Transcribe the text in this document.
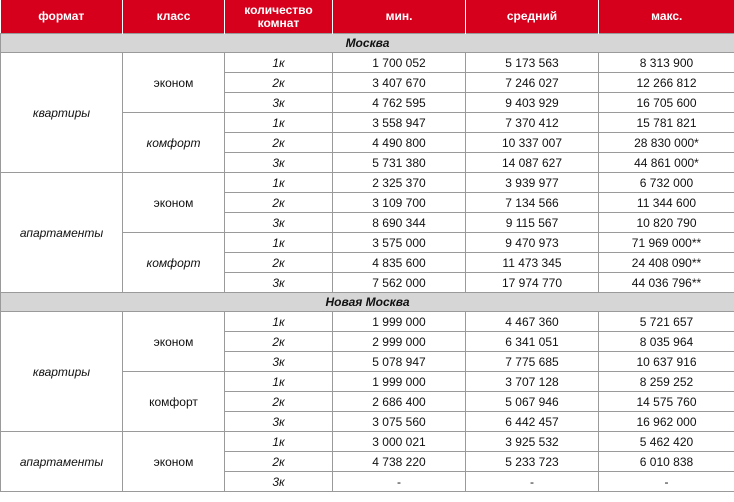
формат	класс	количество комнат	мин.	средний	макс.
Москва					
квартиры	эконом	1к	1 700 052	5 173 563	8 313 900
		2к	3 407 670	7 246 027	12 266 812
		3к	4 762 595	9 403 929	16 705 600
	комфорт	1к	3 558 947	7 370 412	15 781 821
		2к	4 490 800	10 337 007	28 830 000*
		3к	5 731 380	14 087 627	44 861 000*
апартаменты	эконом	1к	2 325 370	3 939 977	6 732 000
		2к	3 109 700	7 134 566	11 344 600
		3к	8 690 344	9 115 567	10 820 790
	комфорт	1к	3 575 000	9 470 973	71 969 000**
		2к	4 835 600	11 473 345	24 408 090**
		3к	7 562 000	17 974 770	44 036 796**
Новая Москва					
квартиры	эконом	1к	1 999 000	4 467 360	5 721 657
		2к	2 999 000	6 341 051	8 035 964
		3к	5 078 947	7 775 685	10 637 916
	комфорт	1к	1 999 000	3 707 128	8 259 252
		2к	2 686 400	5 067 946	14 575 760
		3к	3 075 560	6 442 457	16 962 000
апартаменты	эконом	1к	3 000 021	3 925 532	5 462 420
		2к	4 738 220	5 233 723	6 010 838
		3к	-	-	-
